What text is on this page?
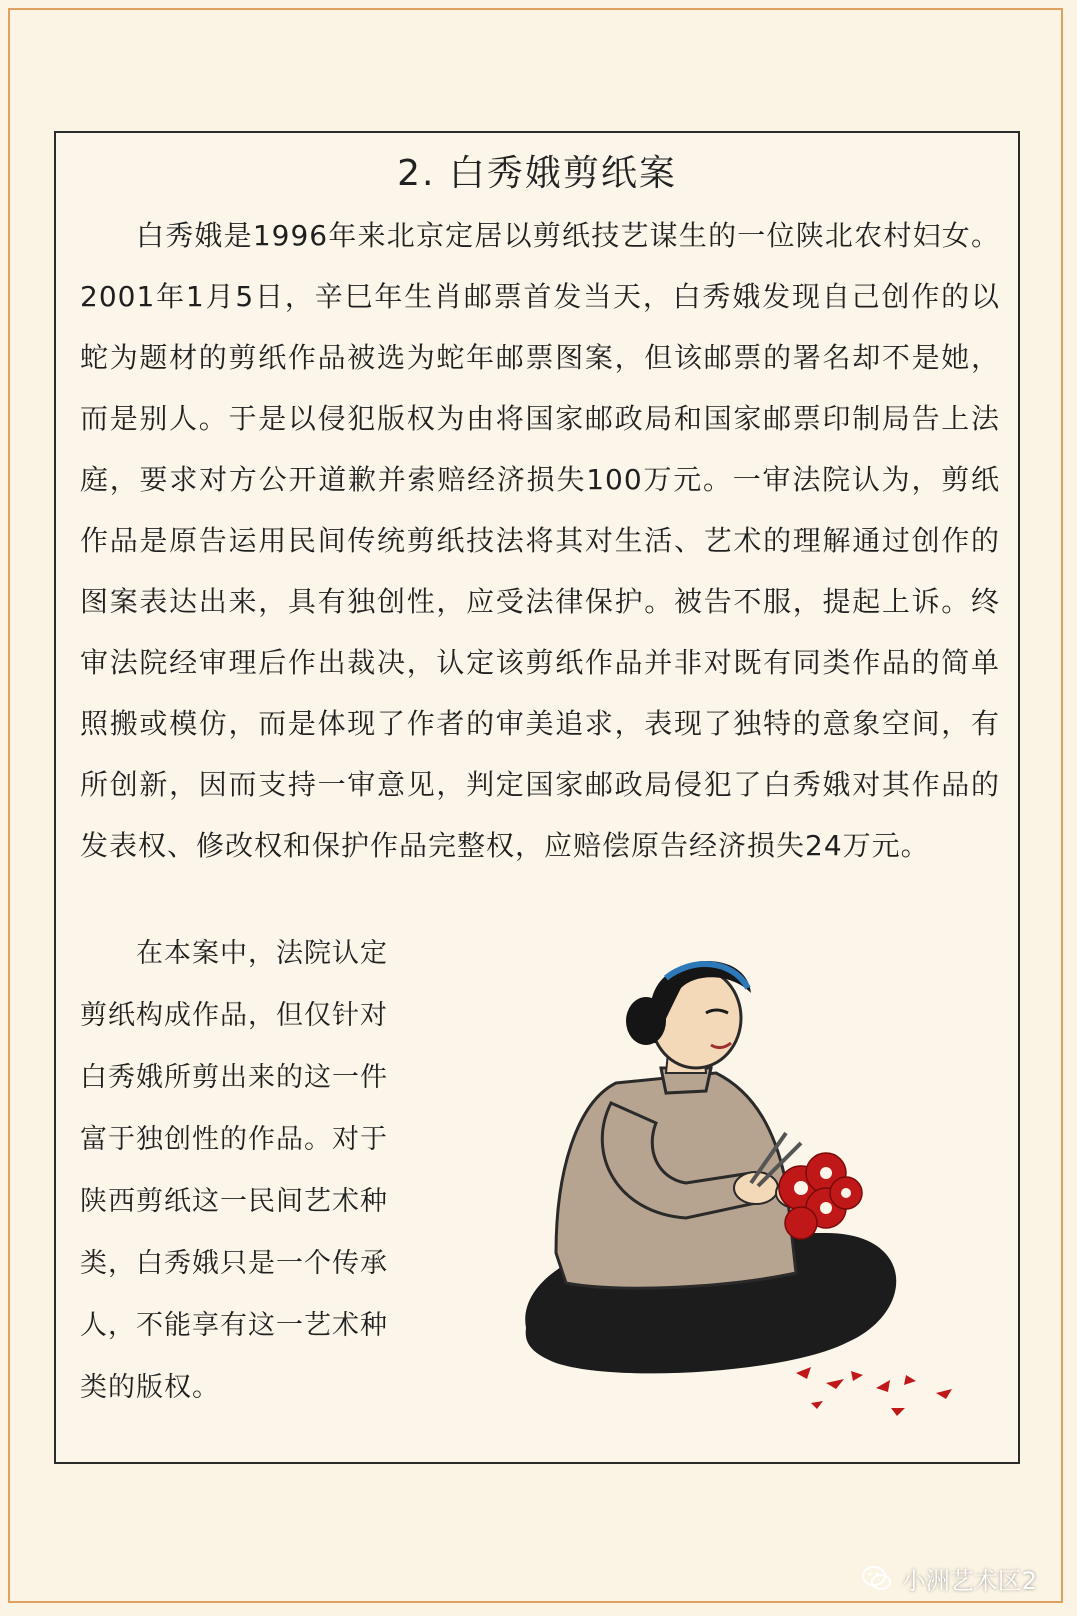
2. 白秀娥剪纸案
白秀娥是1996年来北京定居以剪纸技艺谋生的一位陕北农村妇女。2001年1月5日，辛巳年生肖邮票首发当天，白秀娥发现自己创作的以蛇为题材的剪纸作品被选为蛇年邮票图案，但该邮票的署名却不是她，而是别人。于是以侵犯版权为由将国家邮政局和国家邮票印制局告上法庭，要求对方公开道歉并索赔经济损失100万元。一审法院认为，剪纸作品是原告运用民间传统剪纸技法将其对生活、艺术的理解通过创作的图案表达出来，具有独创性，应受法律保护。被告不服，提起上诉。终审法院经审理后作出裁决，认定该剪纸作品并非对既有同类作品的简单照搬或模仿，而是体现了作者的审美追求，表现了独特的意象空间，有所创新，因而支持一审意见，判定国家邮政局侵犯了白秀娥对其作品的发表权、修改权和保护作品完整权，应赔偿原告经济损失24万元。
在本案中，法院认定剪纸构成作品，但仅针对白秀娥所剪出来的这一件富于独创性的作品。对于陕西剪纸这一民间艺术种类，白秀娥只是一个传承人，不能享有这一艺术种类的版权。
小洲艺术区2
